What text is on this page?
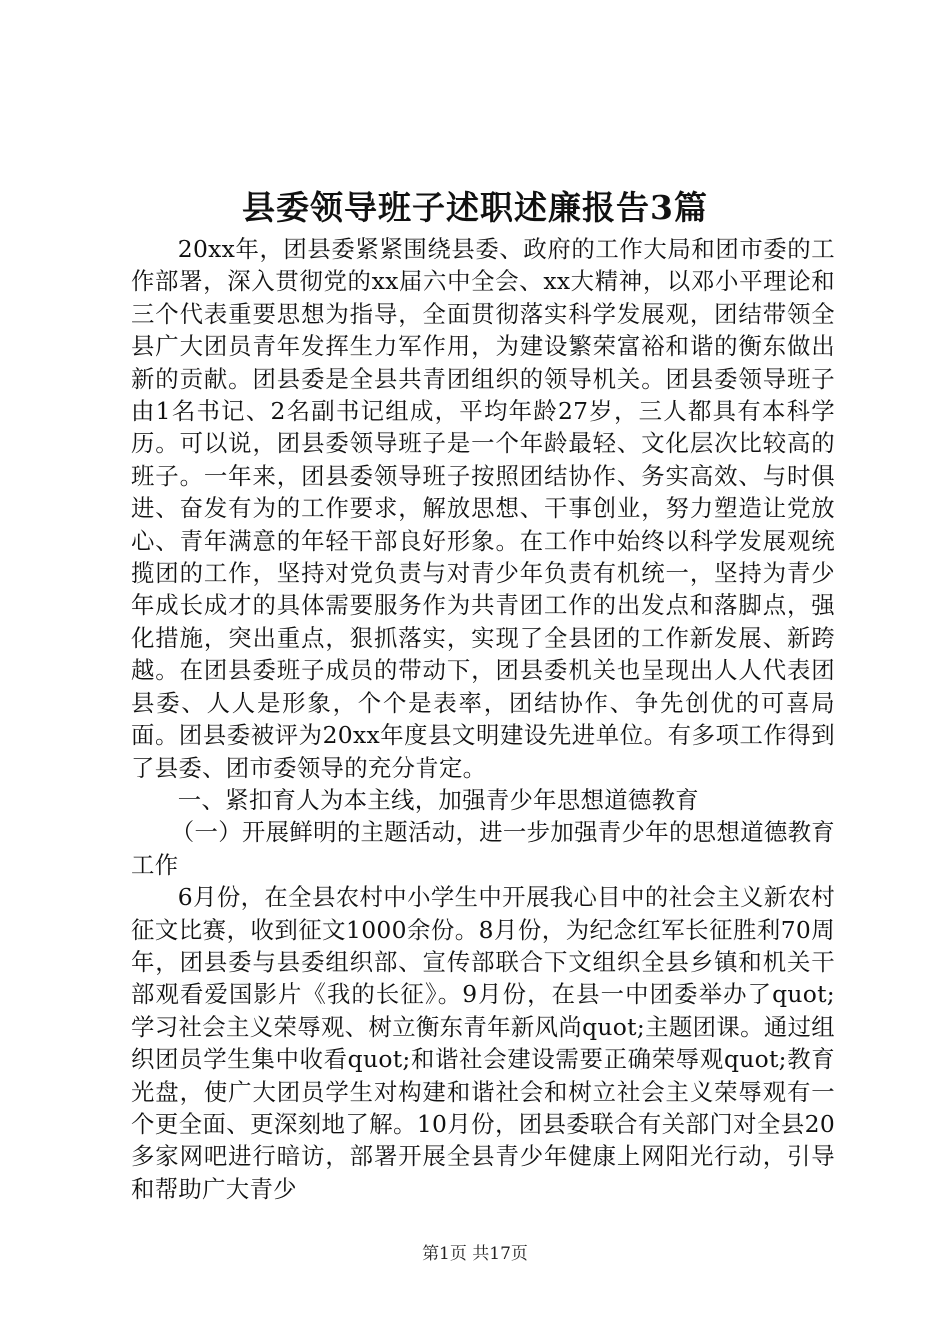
县委领导班子述职述廉报告3篇

20xx年，团县委紧紧围绕县委、政府的工作大局和团市委的工作部署，深入贯彻党的xx届六中全会、xx大精神，以邓小平理论和三个代表重要思想为指导，全面贯彻落实科学发展观，团结带领全县广大团员青年发挥生力军作用，为建设繁荣富裕和谐的衡东做出新的贡献。团县委是全县共青团组织的领导机关。团县委领导班子由1名书记、2名副书记组成，平均年龄27岁，三人都具有本科学历。可以说，团县委领导班子是一个年龄最轻、文化层次比较高的班子。一年来，团县委领导班子按照团结协作、务实高效、与时俱进、奋发有为的工作要求，解放思想、干事创业，努力塑造让党放心、青年满意的年轻干部良好形象。在工作中始终以科学发展观统揽团的工作，坚持对党负责与对青少年负责有机统一，坚持为青少年成长成才的具体需要服务作为共青团工作的出发点和落脚点，强化措施，突出重点，狠抓落实，实现了全县团的工作新发展、新跨越。在团县委班子成员的带动下，团县委机关也呈现出人人代表团县委、人人是形象，个个是表率，团结协作、争先创优的可喜局面。团县委被评为20xx年度县文明建设先进单位。有多项工作得到了县委、团市委领导的充分肯定。

一、紧扣育人为本主线，加强青少年思想道德教育

（一）开展鲜明的主题活动，进一步加强青少年的思想道德教育工作

6月份，在全县农村中小学生中开展我心目中的社会主义新农村征文比赛，收到征文1000余份。8月份，为纪念红军长征胜利70周年，团县委与县委组织部、宣传部联合下文组织全县乡镇和机关干部观看爱国影片《我的长征》。9月份，在县一中团委举办了quot;学习社会主义荣辱观、树立衡东青年新风尚quot;主题团课。通过组织团员学生集中收看quot;和谐社会建设需要正确荣辱观quot;教育光盘，使广大团员学生对构建和谐社会和树立社会主义荣辱观有一个更全面、更深刻地了解。10月份，团县委联合有关部门对全县20多家网吧进行暗访，部署开展全县青少年健康上网阳光行动，引导和帮助广大青少

第1页 共17页
